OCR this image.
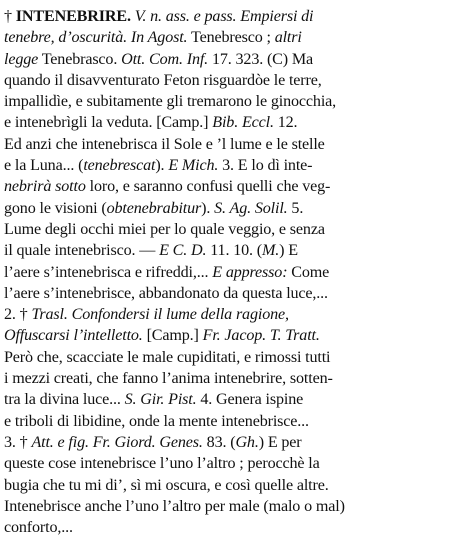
† INTENEBRIRE. V. n. ass. e pass. Empiersi di
tenebre, d’oscurità. In Agost. Tenebresco ; altri
legge Tenebrasco. Ott. Com. Inf. 17. 323. (C) Ma
quando il disavventurato Feton risguardòe le terre,
impallidìe, e subitamente gli tremarono le ginocchia,
e intenebrìgli la veduta. [Camp.] Bib. Eccl. 12.
Ed anzi che intenebrisca il Sole e ’l lume e le stelle
e la Luna... (tenebrescat). E Mich. 3. E lo dì inte-
nebrirà sotto loro, e saranno confusi quelli che veg-
gono le visioni (obtenebrabitur). S. Ag. Solil. 5.
Lume degli occhi miei per lo quale veggio, e senza
il quale intenebrisco. — E C. D. 11. 10. (M.) E
l’aere s’intenebrisca e rifreddi,... E appresso: Come
l’aere s’intenebrisce, abbandonato da questa luce,...
2. † Trasl. Confondersi il lume della ragione,
Offuscarsi l’intelletto. [Camp.] Fr. Jacop. T. Tratt.
Però che, scacciate le male cupiditati, e rimossi tutti
i mezzi creati, che fanno l’anima intenebrire, sotten-
tra la divina luce... S. Gir. Pist. 4. Genera ispine
e triboli di libidine, onde la mente intenebrisce...
3. † Att. e fig. Fr. Giord. Genes. 83. (Gh.) E per
queste cose intenebrisce l’uno l’altro ; perocchè la
bugia che tu mi di’, sì mi oscura, e così quelle altre.
Intenebrisce anche l’uno l’altro per male (malo o mal)
conforto,...
